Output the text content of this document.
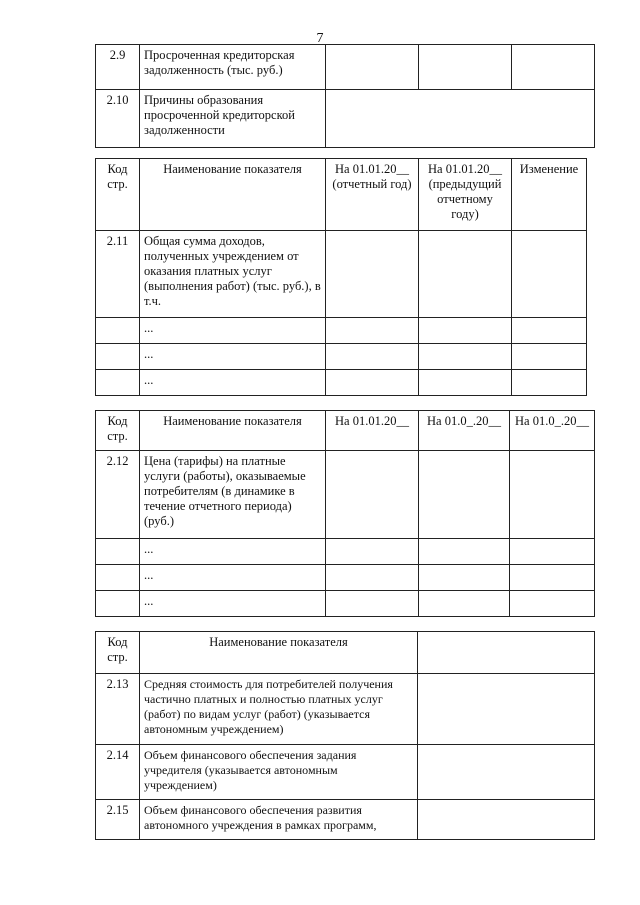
7
2.9	Просроченная кредиторская задолженность (тыс. руб.)			
2.10	Причины образования просроченной кредиторской задолженности			
Код стр.	Наименование показателя	На 01.01.20__ (отчетный год)	На 01.01.20__ (предыдущий отчетному году)	Изменение
2.11	Общая сумма доходов, полученных учреждением от оказания платных услуг (выполнения работ) (тыс. руб.), в т.ч.			
	...			
	...			
	...			
Код стр.	Наименование показателя	На 01.01.20__	На 01.0_.20__	На 01.0_.20__
2.12	Цена (тарифы) на платные услуги (работы), оказываемые потребителям (в динамике в течение отчетного периода) (руб.)			
	...			
	...			
	...			
Код стр.	Наименование показателя	
2.13	Средняя стоимость для потребителей получения частично платных и полностью платных услуг (работ) по видам услуг (работ) (указывается автономным учреждением)	
2.14	Объем финансового обеспечения задания учредителя (указывается автономным учреждением)	
2.15	Объем финансового обеспечения развития автономного учреждения в рамках программ,	
